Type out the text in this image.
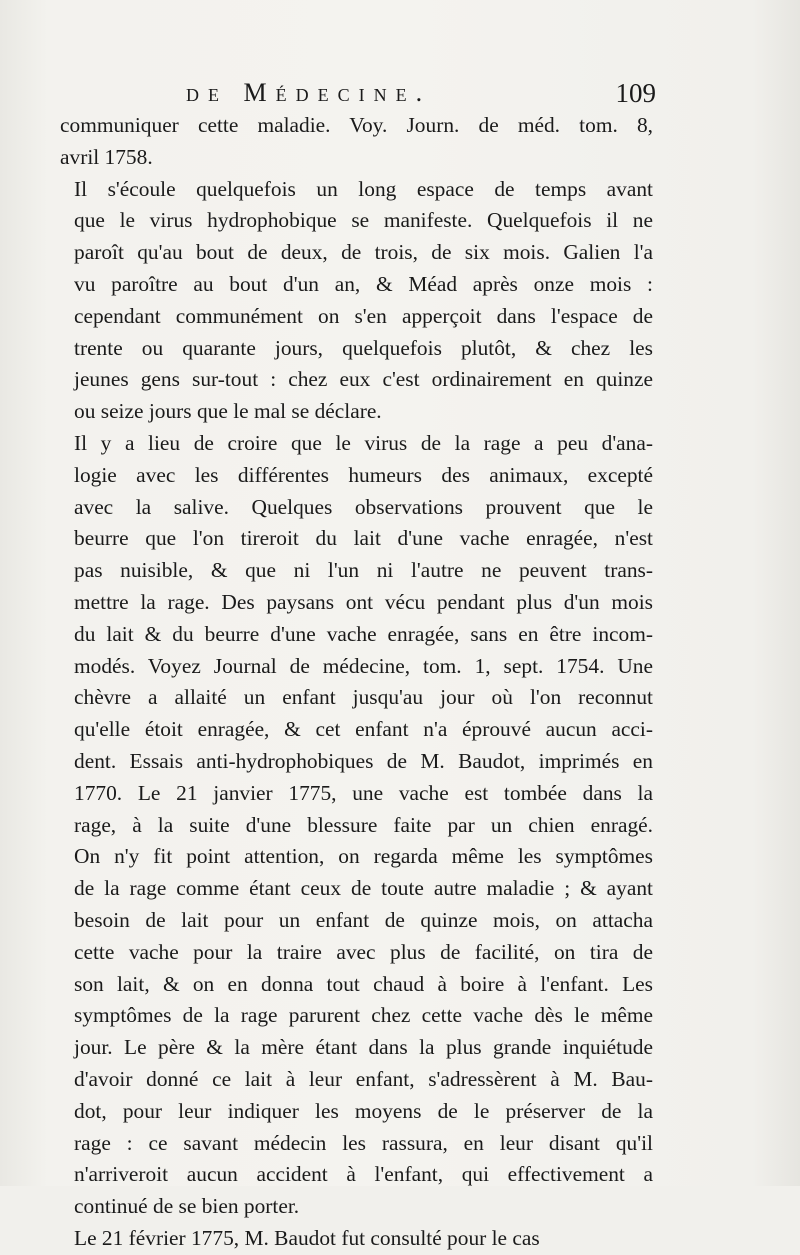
de Médecine.	109

communiquer cette maladie. Voy. Journ. de méd. tom. 8,
avril 1758.

Il s'écoule quelquefois un long espace de temps avant
que le virus hydrophobique se manifeste. Quelquefois il ne
paroît qu'au bout de deux, de trois, de six mois. Galien l'a
vu paroître au bout d'un an, & Méad après onze mois :
cependant communément on s'en apperçoit dans l'espace de
trente ou quarante jours, quelquefois plutôt, & chez les
jeunes gens sur-tout : chez eux c'est ordinairement en quinze
ou seize jours que le mal se déclare.

Il y a lieu de croire que le virus de la rage a peu d'ana-
logie avec les différentes humeurs des animaux, excepté
avec la salive. Quelques observations prouvent que le
beurre que l'on tireroit du lait d'une vache enragée, n'est
pas nuisible, & que ni l'un ni l'autre ne peuvent trans-
mettre la rage. Des paysans ont vécu pendant plus d'un mois
du lait & du beurre d'une vache enragée, sans en être incom-
modés. Voyez Journal de médecine, tom. 1, sept. 1754. Une
chèvre a allaité un enfant jusqu'au jour où l'on reconnut
qu'elle étoit enragée, & cet enfant n'a éprouvé aucun acci-
dent. Essais anti-hydrophobiques de M. Baudot, imprimés en
1770. Le 21 janvier 1775, une vache est tombée dans la
rage, à la suite d'une blessure faite par un chien enragé.
On n'y fit point attention, on regarda même les symptômes
de la rage comme étant ceux de toute autre maladie ; & ayant
besoin de lait pour un enfant de quinze mois, on attacha
cette vache pour la traire avec plus de facilité, on tira de
son lait, & on en donna tout chaud à boire à l'enfant. Les
symptômes de la rage parurent chez cette vache dès le même
jour. Le père & la mère étant dans la plus grande inquiétude
d'avoir donné ce lait à leur enfant, s'adressèrent à M. Bau-
dot, pour leur indiquer les moyens de le préserver de la
rage : ce savant médecin les rassura, en leur disant qu'il
n'arriveroit aucun accident à l'enfant, qui effectivement a
continué de se bien porter.

Le 21 février 1775, M. Baudot fut consulté pour le cas
